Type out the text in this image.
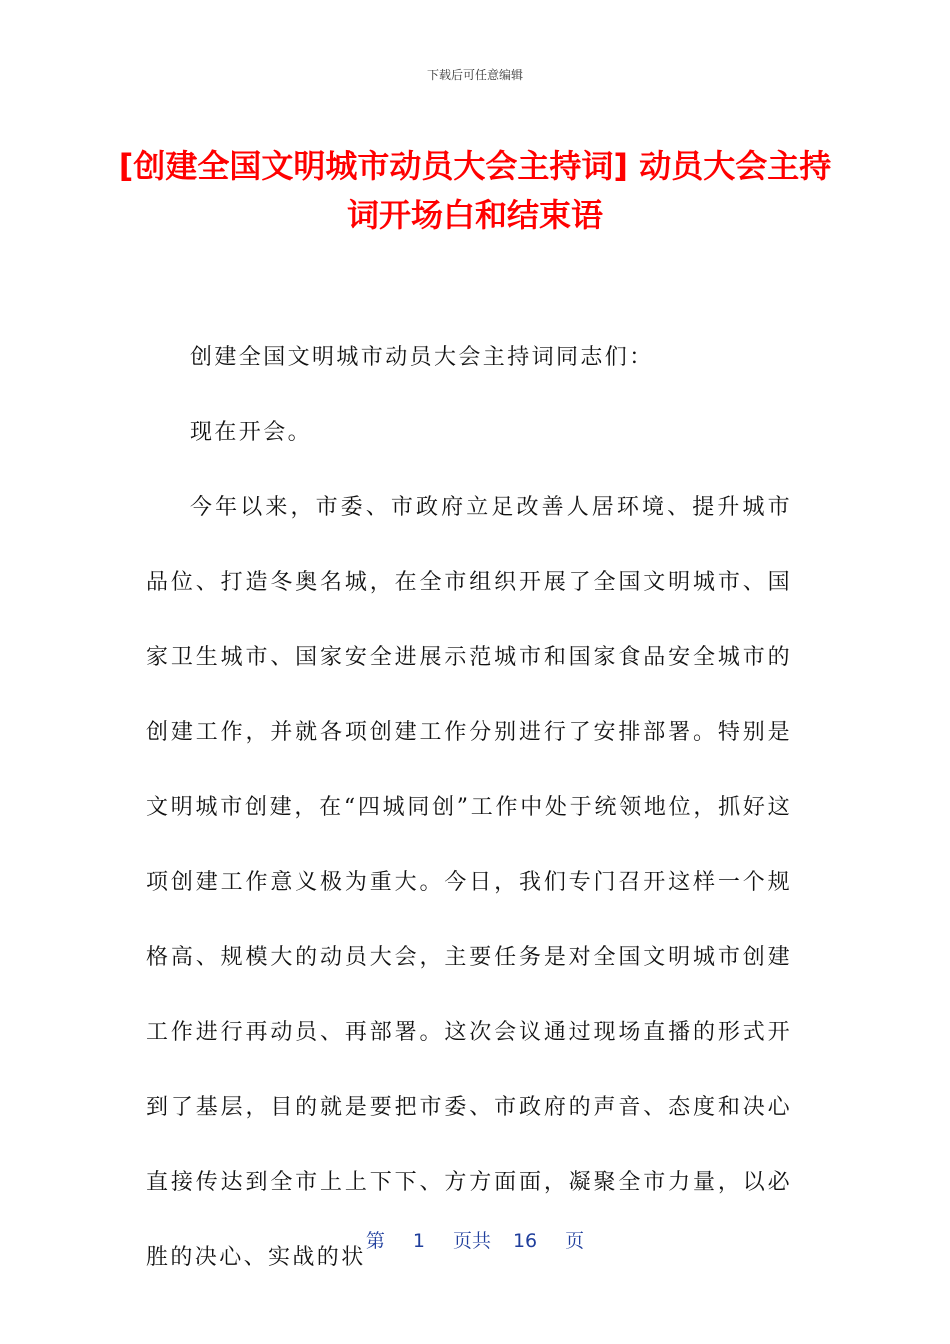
下载后可任意编辑
[创建全国文明城市动员大会主持词] 动员大会主持词开场白和结束语

创建全国文明城市动员大会主持词同志们：

现在开会。

今年以来，市委、市政府立足改善人居环境、提升城市品位、打造冬奥名城，在全市组织开展了全国文明城市、国家卫生城市、国家安全进展示范城市和国家食品安全城市的创建工作，并就各项创建工作分别进行了安排部署。特别是文明城市创建，在“四城同创”工作中处于统领地位，抓好这项创建工作意义极为重大。今日，我们专门召开这样一个规格高、规模大的动员大会，主要任务是对全国文明城市创建工作进行再动员、再部署。这次会议通过现场直播的形式开到了基层，目的就是要把市委、市政府的声音、态度和决心直接传达到全市上上下下、方方面面，凝聚全市力量，以必胜的决心、实战的状

第 1 页共 16 页
